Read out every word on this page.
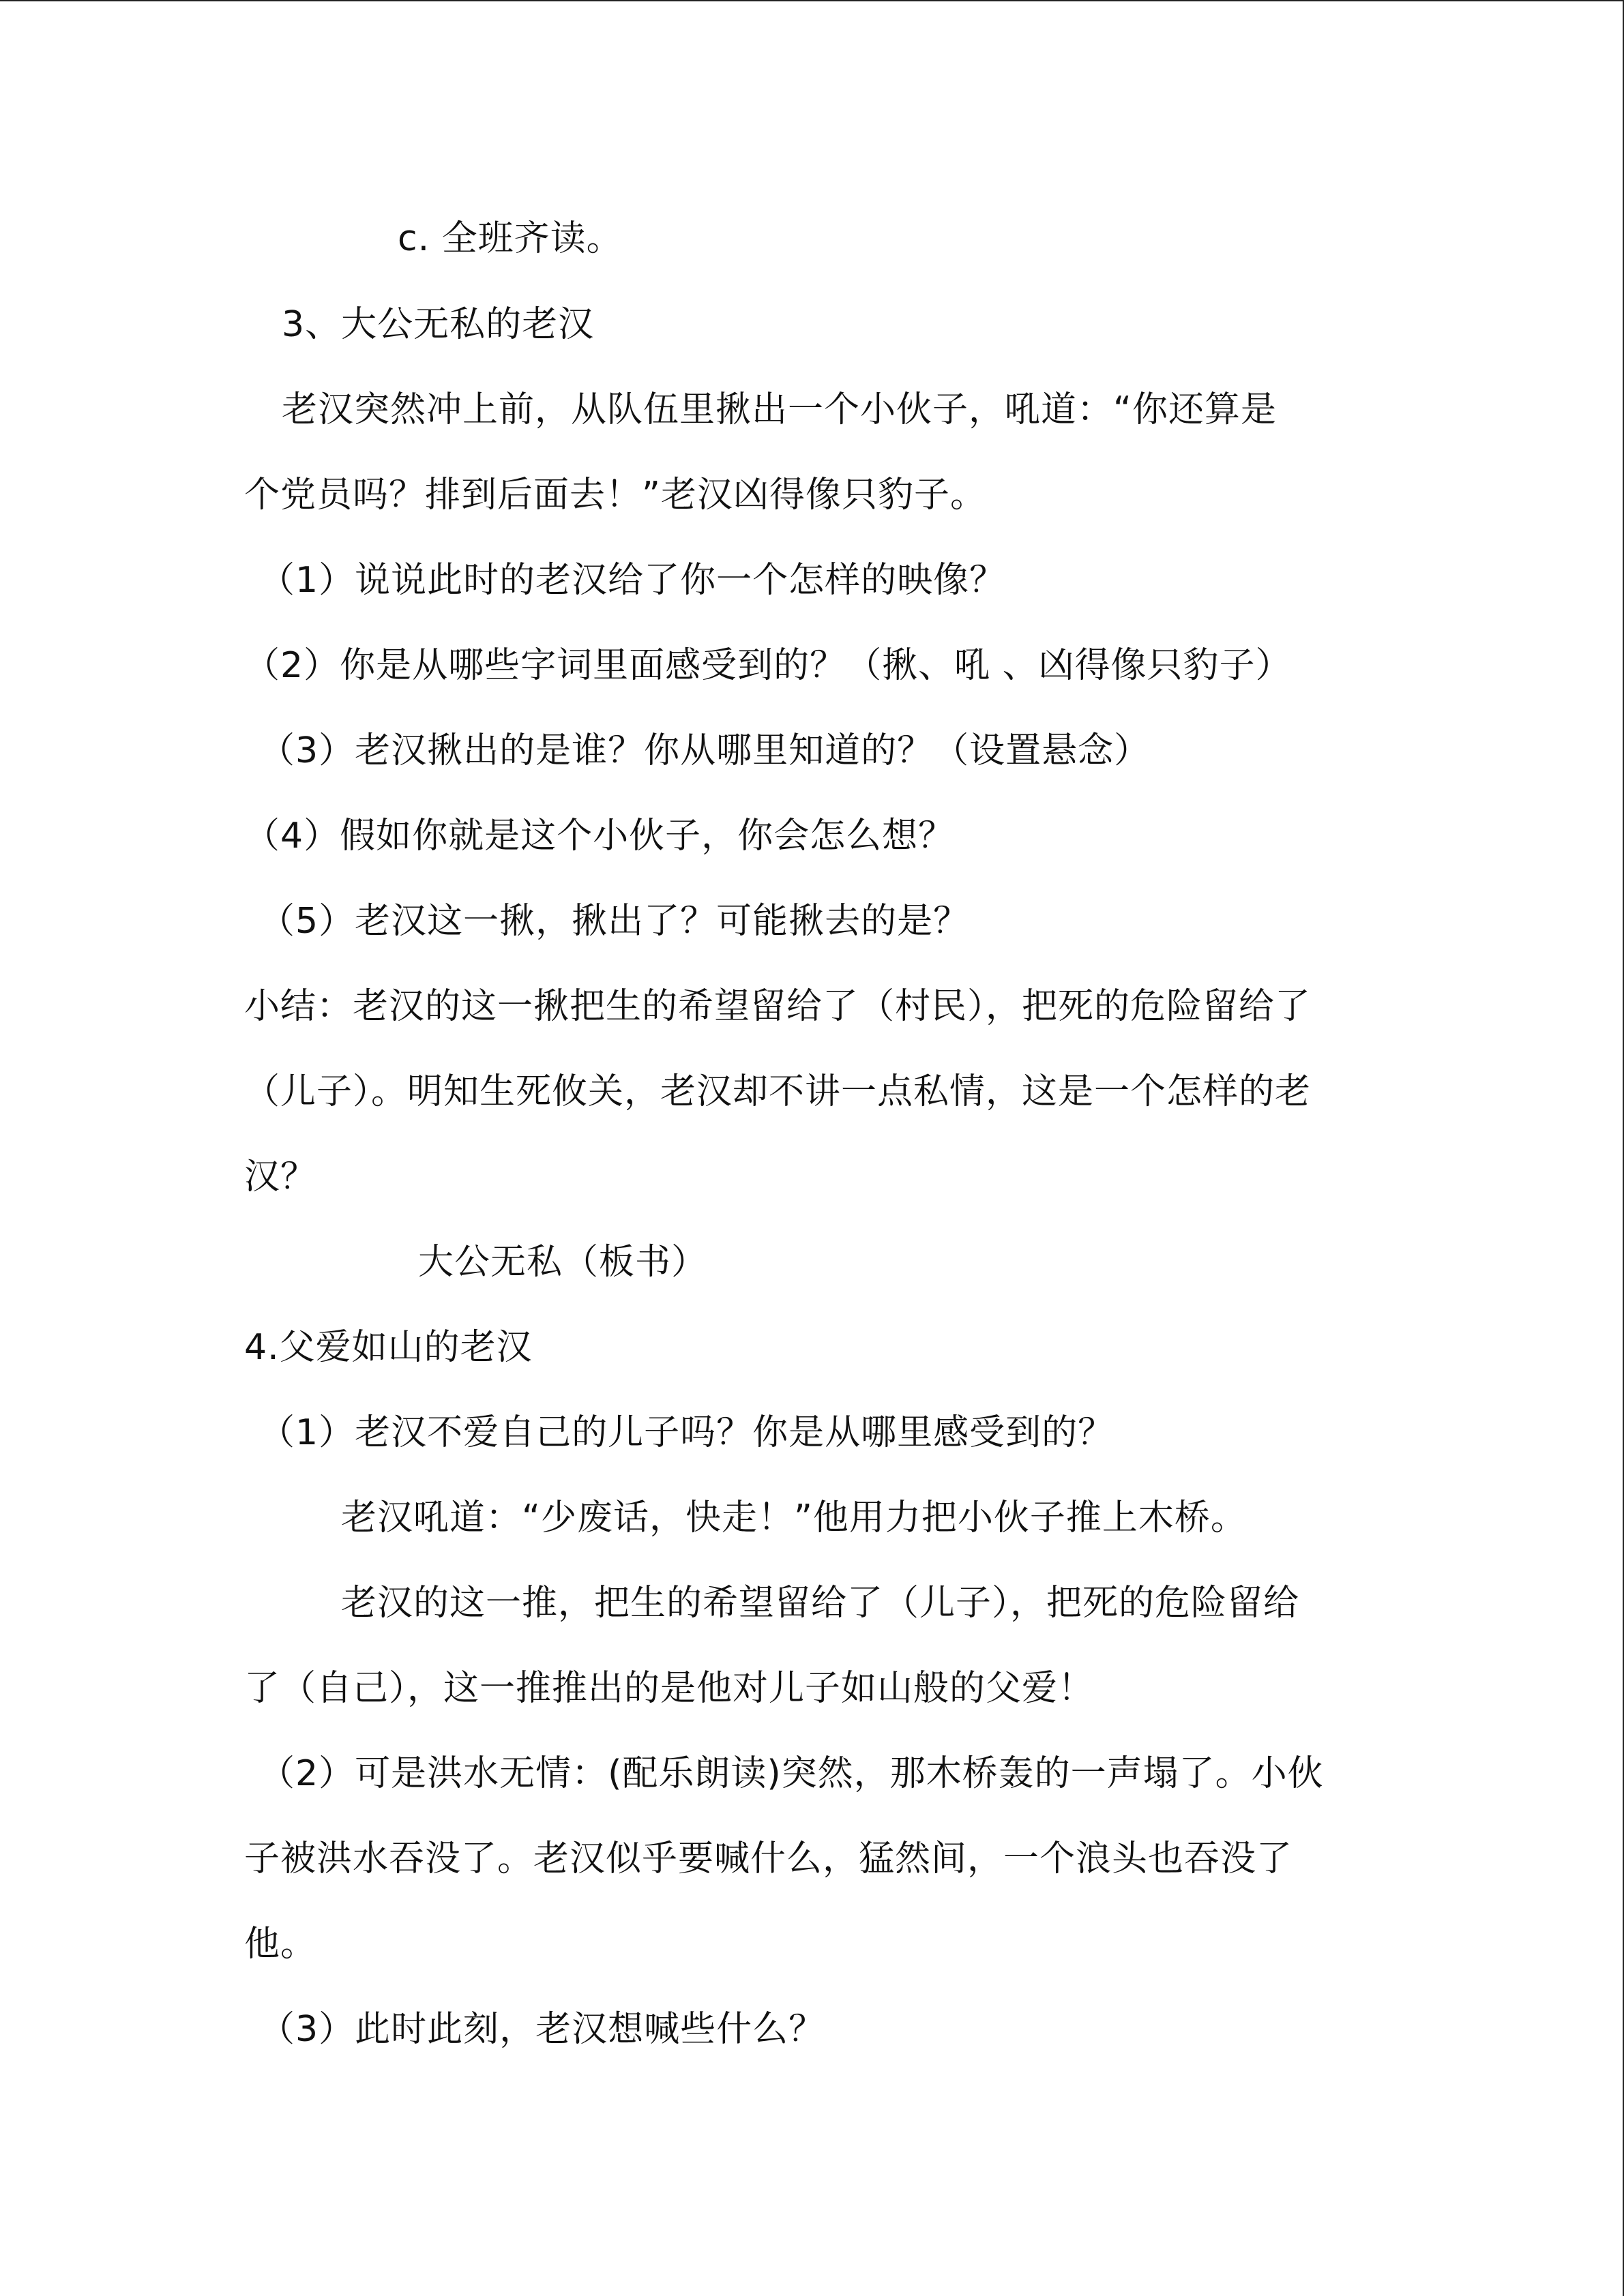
c. 全班齐读。
3、大公无私的老汉
老汉突然冲上前，从队伍里揪出一个小伙子，吼道：“你还算是
个党员吗？排到后面去！”老汉凶得像只豹子。
（1）说说此时的老汉给了你一个怎样的映像？
（2）你是从哪些字词里面感受到的？（揪、吼 、凶得像只豹子）
（3）老汉揪出的是谁？你从哪里知道的？（设置悬念）
（4）假如你就是这个小伙子，你会怎么想？
（5）老汉这一揪，揪出了？可能揪去的是？
小结：老汉的这一揪把生的希望留给了（村民），把死的危险留给了
（儿子）。明知生死攸关，老汉却不讲一点私情，这是一个怎样的老
汉？
大公无私（板书）
4.父爱如山的老汉
（1）老汉不爱自己的儿子吗？你是从哪里感受到的？
老汉吼道：“少废话，快走！”他用力把小伙子推上木桥。
老汉的这一推，把生的希望留给了（儿子），把死的危险留给
了（自己），这一推推出的是他对儿子如山般的父爱！
（2）可是洪水无情：(配乐朗读)突然，那木桥轰的一声塌了。小伙
子被洪水吞没了。老汉似乎要喊什么，猛然间，一个浪头也吞没了
他。
（3）此时此刻，老汉想喊些什么？
